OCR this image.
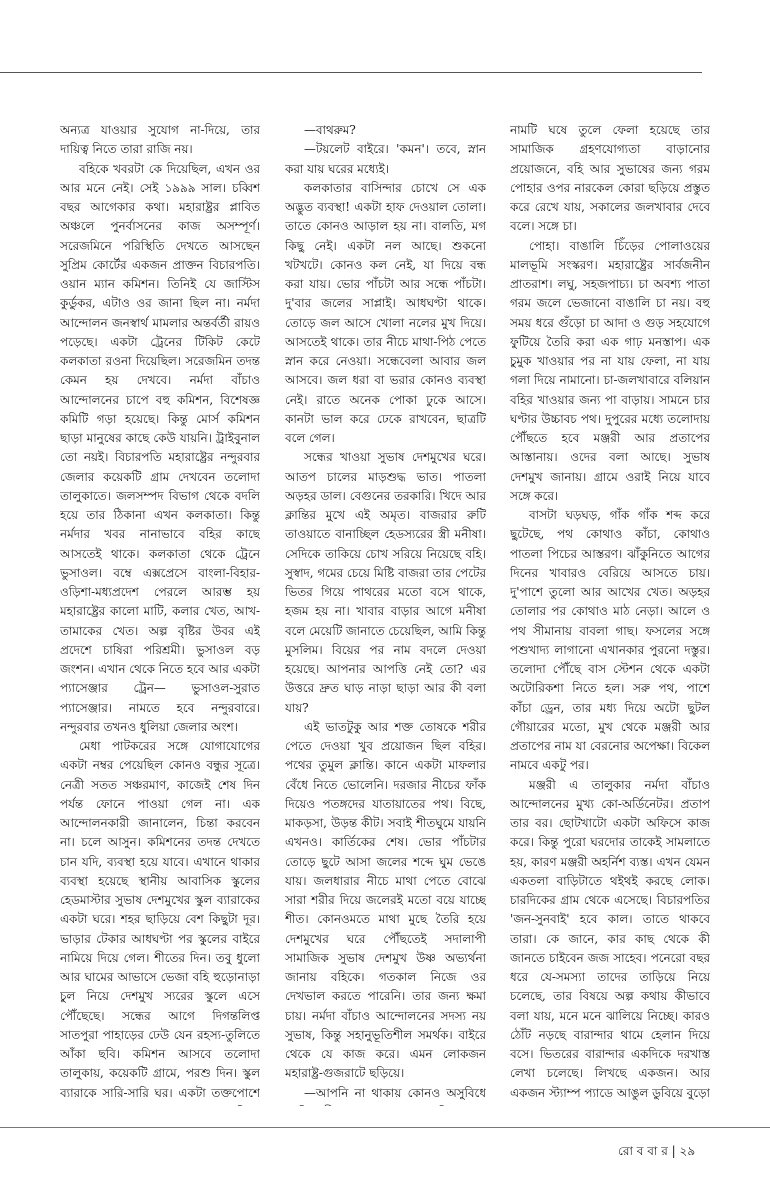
অন্যত্র যাওয়ার সুযোগ না-দিয়ে, তার দায়িত্ব নিতে তারা রাজি নয়।

বহিকে খবরটা কে দিয়েছিল, এখন ওর আর মনে নেই। সেই ১৯৯৯ সাল। চব্বিশ বছর আগেকার কথা। মহারাষ্ট্রর প্লাবিত অঞ্চলে পুনর্বাসনের কাজ অসম্পূর্ণ। সরেজমিনে পরিস্থিতি দেখতে আসছেন সুপ্রিম কোর্টের একজন প্রাক্তন বিচারপতি। ওয়ান ম্যান কমিশন। তিনিই যে জাস্টিস কুর্ডুকর, এটাও ওর জানা ছিল না। নর্মদা আন্দোলন জনস্বার্থ মামলার অন্তর্বর্তী রায়ও পড়েছে। একটা ট্রেনের টিকিট কেটে কলকাতা রওনা দিয়েছিল। সরেজমিন তদন্ত কেমন হয় দেখবে। নর্মদা বাঁচাও আন্দোলনের চাপে বহু কমিশন, বিশেষজ্ঞ কমিটি গড়া হয়েছে। কিন্তু মোর্স কমিশন ছাড়া মানুষের কাছে কেউ যায়নি। ট্রাইবুনাল তো নয়ই। বিচারপতি মহারাষ্ট্রের নন্দুরবার জেলার কয়েকটি গ্রাম দেখবেন তলোদা তালুকাতে। জলসম্পদ বিভাগ থেকে বদলি হয়ে তার ঠিকানা এখন কলকাতা। কিন্তু নর্মদার খবর নানাভাবে বহির কাছে আসতেই থাকে। কলকাতা থেকে ট্রেনে ভুসাওল। বম্বে এক্সপ্রেসে বাংলা-বিহার-ওড়িশা-মধ্যপ্রদেশ পেরলে আরম্ভ হয় মহারাষ্ট্রের কালো মাটি, কলার খেত, আখ-তামাকের খেত। অল্প বৃষ্টির উবর এই প্রদেশে চাষিরা পরিশ্রমী। ভুসাওল বড় জংশন। এখান থেকে নিতে হবে আর একটা প্যাসেঞ্জার ট্রেন— ভুসাওল-সুরাত প্যাসেঞ্জার। নামতে হবে নন্দুরবারে। নন্দুরবার তখনও ধুলিয়া জেলার অংশ।

মেধা পাটকরের সঙ্গে যোগাযোগের একটা নম্বর পেয়েছিল কোনও বন্ধুর সূত্রে। নেত্রী সতত সঞ্চরমাণ, কাজেই শেষ দিন পর্যন্ত ফোনে পাওয়া গেল না। এক আন্দোলনকারী জানালেন, চিন্তা করবেন না। চলে আসুন। কমিশনের তদন্ত দেখতে চান যদি, ব্যবস্থা হয়ে যাবে। এখানে থাকার ব্যবস্থা হয়েছে স্থানীয় আবাসিক স্কুলের হেডমাস্টার সুভাষ দেশমুখের স্কুল ব্যারাকের একটা ঘরে। শহর ছাড়িয়ে বেশ কিছুটা দূর। ভাড়ার টেকার আধঘণ্টা পর স্কুলের বাইরে নামিয়ে দিয়ে গেল। শীতের দিন। তবু ধুলো আর ঘামের আভাসে ভেজা বহি হুড়োনাড়া চুল নিয়ে দেশমুখ স্যরের স্কুলে এসে পৌঁছেছে। সন্ধের আগে দিগন্তলিপ্ত সাতপুরা পাহাড়ের ঢেউ যেন রহস্য-তুলিতে আঁকা ছবি। কমিশন আসবে তলোদা তালুকায়, কয়েকটি গ্রামে, পরশু দিন। স্কুল ব্যারাকে সারি-সারি ঘর। একটা তক্তপোশে

—বাথরুম?

—টয়লেট বাইরে। 'কমন'। তবে, স্নান করা যায় ঘরের মধ্যেই।

কলকাতার বাসিন্দার চোখে সে এক অদ্ভুত ব্যবস্থা! একটা হাফ দেওয়াল তোলা। তাতে কোনও আড়াল হয় না। বালতি, মগ কিছু নেই। একটা নল আছে। শুকনো খটখটে। কোনও কল নেই, যা দিয়ে বন্ধ করা যায়। ভোর পাঁচটা আর সন্ধে পাঁচটা। দু'বার জলের সাপ্লাই। আধঘণ্টা থাকে। তোড়ে জল আসে খোলা নলের মুখ দিয়ে। আসতেই থাকে। তার নীচে মাথা-পিঠ পেতে স্নান করে নেওয়া। সন্ধেবেলা আবার জল আসবে। জল ধরা বা ভরার কোনও ব্যবস্থা নেই। রাতে অনেক পোকা ঢুকে আসে। কানটা ভাল করে ঢেকে রাখবেন, ছাত্রটি বলে গেল।

সন্ধের খাওয়া সুভাষ দেশমুখের ঘরে। আতপ চালের মাড়শুদ্ধ ভাত। পাতলা অড়হর ডাল। বেগুনের তরকারি। খিদে আর ক্লান্তির মুখে এই অমৃত। বাজরার রুটি তাওয়াতে বানাচ্ছিল হেডস্যরের স্ত্রী মনীষা। সেদিকে তাকিয়ে চোখ সরিয়ে নিয়েছে বহি। সুস্বাদ, গমের চেয়ে মিষ্টি বাজরা তার পেটের ভিতর গিয়ে পাথরের মতো বসে থাকে, হজম হয় না। খাবার বাড়ার আগে মনীষা বলে মেয়েটি জানাতে চেয়েছিল, আমি কিন্তু মুসলিম। বিয়ের পর নাম বদলে দেওয়া হয়েছে। আপনার আপত্তি নেই তো? এর উত্তরে দ্রুত ঘাড় নাড়া ছাড়া আর কী বলা যায়?

এই ভাতটুকু আর শক্ত তোষকে শরীর পেতে দেওয়া খুব প্রয়োজন ছিল বহির। পথের তুমুল ক্লান্তি। কানে একটা মাফলার বেঁধে নিতে ভোলেনি। দরজার নীচের ফাঁক দিয়েও পতঙ্গদের যাতায়াতের পথ। বিছে, মাকড়সা, উড়ন্ত কীট। সবাই শীতঘুমে যায়নি এখনও। কার্তিকের শেষ। ভোর পাঁচটার তোড়ে ছুটে আসা জলের শব্দে ঘুম ভেঙে যায়। জলধারার নীচে মাথা পেতে বোঝে সারা শরীর দিয়ে জলেরই মতো বয়ে যাচ্ছে শীত। কোনওমতে মাথা মুছে তৈরি হয়ে দেশমুখের ঘরে পৌঁছতেই সদালাপী সামাজিক সুভাষ দেশমুখ উষ্ণ অভ্যর্থনা জানায় বহিকে। গতকাল নিজে ওর দেখভাল করতে পারেনি। তার জন্য ক্ষমা চায়। নর্মদা বাঁচাও আন্দোলনের সদস্য নয় সুভাষ, কিন্তু সহানুভূতিশীল সমর্থক। বাইরে থেকে যে কাজ করে। এমন লোকজন মহারাষ্ট্র-গুজরাটে ছড়িয়ে।

—আপনি না থাকায় কোনও অসুবিধে

নামটি ঘষে তুলে ফেলা হয়েছে তার সামাজিক গ্রহণযোগ্যতা বাড়ানোর প্রয়োজনে, বহি আর সুভাষের জন্য গরম পোহার ওপর নারকেল কোরা ছড়িয়ে প্রস্তুত করে রেখে যায়, সকালের জলখাবার দেবে বলে। সঙ্গে চা।

পোহা। বাঙালি চিঁড়ের পোলাওয়ের মালভূমি সংস্করণ। মহারাষ্ট্রের সার্বজনীন প্রাতরাশ। লঘু, সহজপাচ্য। চা অবশ্য পাতা গরম জলে ভেজানো বাঙালি চা নয়। বহু সময় ধরে গুঁড়ো চা আদা ও গুড় সহযোগে ফুটিয়ে তৈরি করা এক গাঢ় মনস্তাপ। এক চুমুক খাওয়ার পর না যায় ফেলা, না যায় গলা দিয়ে নামানো। চা-জলখাবারে বলিয়ান বহির খাওয়ার জন্য পা বাড়ায়। সামনে চার ঘণ্টার উচ্চাবচ পথ। দুপুরের মধ্যে তলোদায় পৌঁছতে হবে মঞ্জরী আর প্রতাপের আস্তানায়। ওদের বলা আছে। সুভাষ দেশমুখ জানায়। গ্রামে ওরাই নিয়ে যাবে সঙ্গে করে।

বাসটা ঘড়ঘড়, গাঁক গাঁক শব্দ করে ছুটেছে, পথ কোথাও কাঁচা, কোথাও পাতলা পিচের আস্তরণ। ঝাঁকুনিতে আগের দিনের খাবারও বেরিয়ে আসতে চায়। দু'পাশে তুলো আর আখের খেত। অড়হর তোলার পর কোথাও মাঠ নেড়া। আলে ও পথ সীমানায় বাবলা গাছ। ফসলের সঙ্গে পশুখাদ্য লাগানো এখানকার পুরনো দস্তুর। তলোদা পৌঁছে বাস স্টেশন থেকে একটা অটোরিকশা নিতে হল। সরু পথ, পাশে কাঁচা ড্রেন, তার মধ্য দিয়ে অটো ছুটল গৌয়ারের মতো, মুখ থেকে মঞ্জরী আর প্রতাপের নাম যা বেরনোর অপেক্ষা। বিকেল নামবে একটু পর।

মঞ্জরী এ তালুকার নর্মদা বাঁচাও আন্দোলনের মুখ্য কো-অর্ডিনেটর। প্রতাপ তার বর। ছোটখাটো একটা অফিসে কাজ করে। কিন্তু পুরো ঘরদোর তাকেই সামলাতে হয়, কারণ মঞ্জরী অহর্নিশ ব্যস্ত। এখন যেমন একতলা বাড়িটাতে থইথই করছে লোক। চারদিকের গ্রাম থেকে এসেছে। বিচারপতির 'জন-সুনবাই' হবে কাল। তাতে থাকবে তারা। কে জানে, কার কাছ থেকে কী জানতে চাইবেন জজ সাহেব। পনেরো বছর ধরে যে-সমস্যা তাদের তাড়িয়ে নিয়ে চলেছে, তার বিষয়ে অল্প কথায় কীভাবে বলা যায়, মনে মনে ঝালিয়ে নিচ্ছে। কারও ঠোঁট নড়ছে বারান্দার থামে হেলান দিয়ে বসে। ভিতরের বারান্দার একদিকে দরখাস্ত লেখা চলেছে। লিখছে একজন। আর একজন স্ট্যাম্প প্যাডে আঙুল ডুবিয়ে বুড়ো

রো ব বা র | ২৯
